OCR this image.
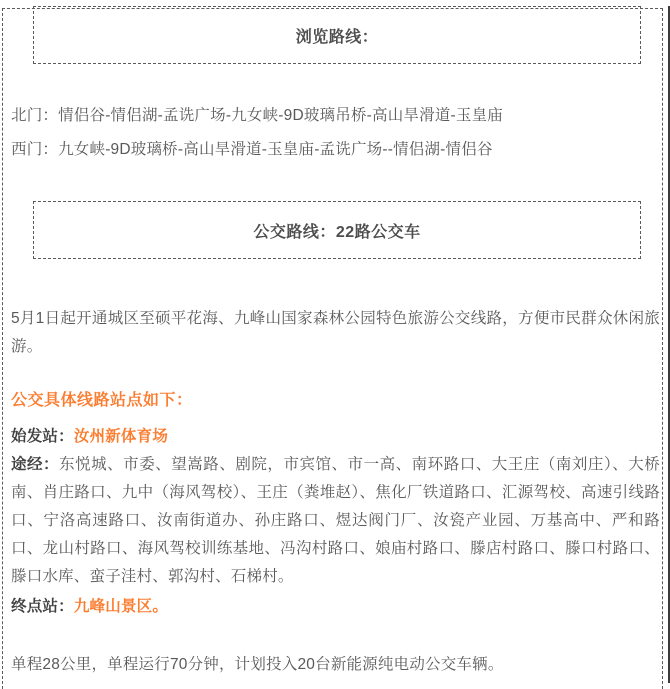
浏览路线：

北门：情侣谷-情侣湖-孟诜广场-九女峡-9D玻璃吊桥-高山旱滑道-玉皇庙

西门：九女峡-9D玻璃桥-高山旱滑道-玉皇庙-孟诜广场--情侣湖-情侣谷

公交路线：22路公交车

5月1日起开通城区至硕平花海、九峰山国家森林公园特色旅游公交线路，方便市民群众休闲旅游。

公交具体线路站点如下：

始发站：汝州新体育场

途经：东悦城、市委、望嵩路、剧院，市宾馆、市一高、南环路口、大王庄（南刘庄）、大桥南、肖庄路口、九中（海风驾校）、王庄（粪堆赵）、焦化厂铁道路口、汇源驾校、高速引线路口、宁洛高速路口、汝南街道办、孙庄路口、煜达阀门厂、汝瓷产业园、万基高中、严和路口、龙山村路口、海风驾校训练基地、冯沟村路口、娘庙村路口、滕店村路口、滕口村路口、滕口水库、蛮子洼村、郭沟村、石梯村。

终点站：九峰山景区。

单程28公里，单程运行70分钟，计划投入20台新能源纯电动公交车辆。
